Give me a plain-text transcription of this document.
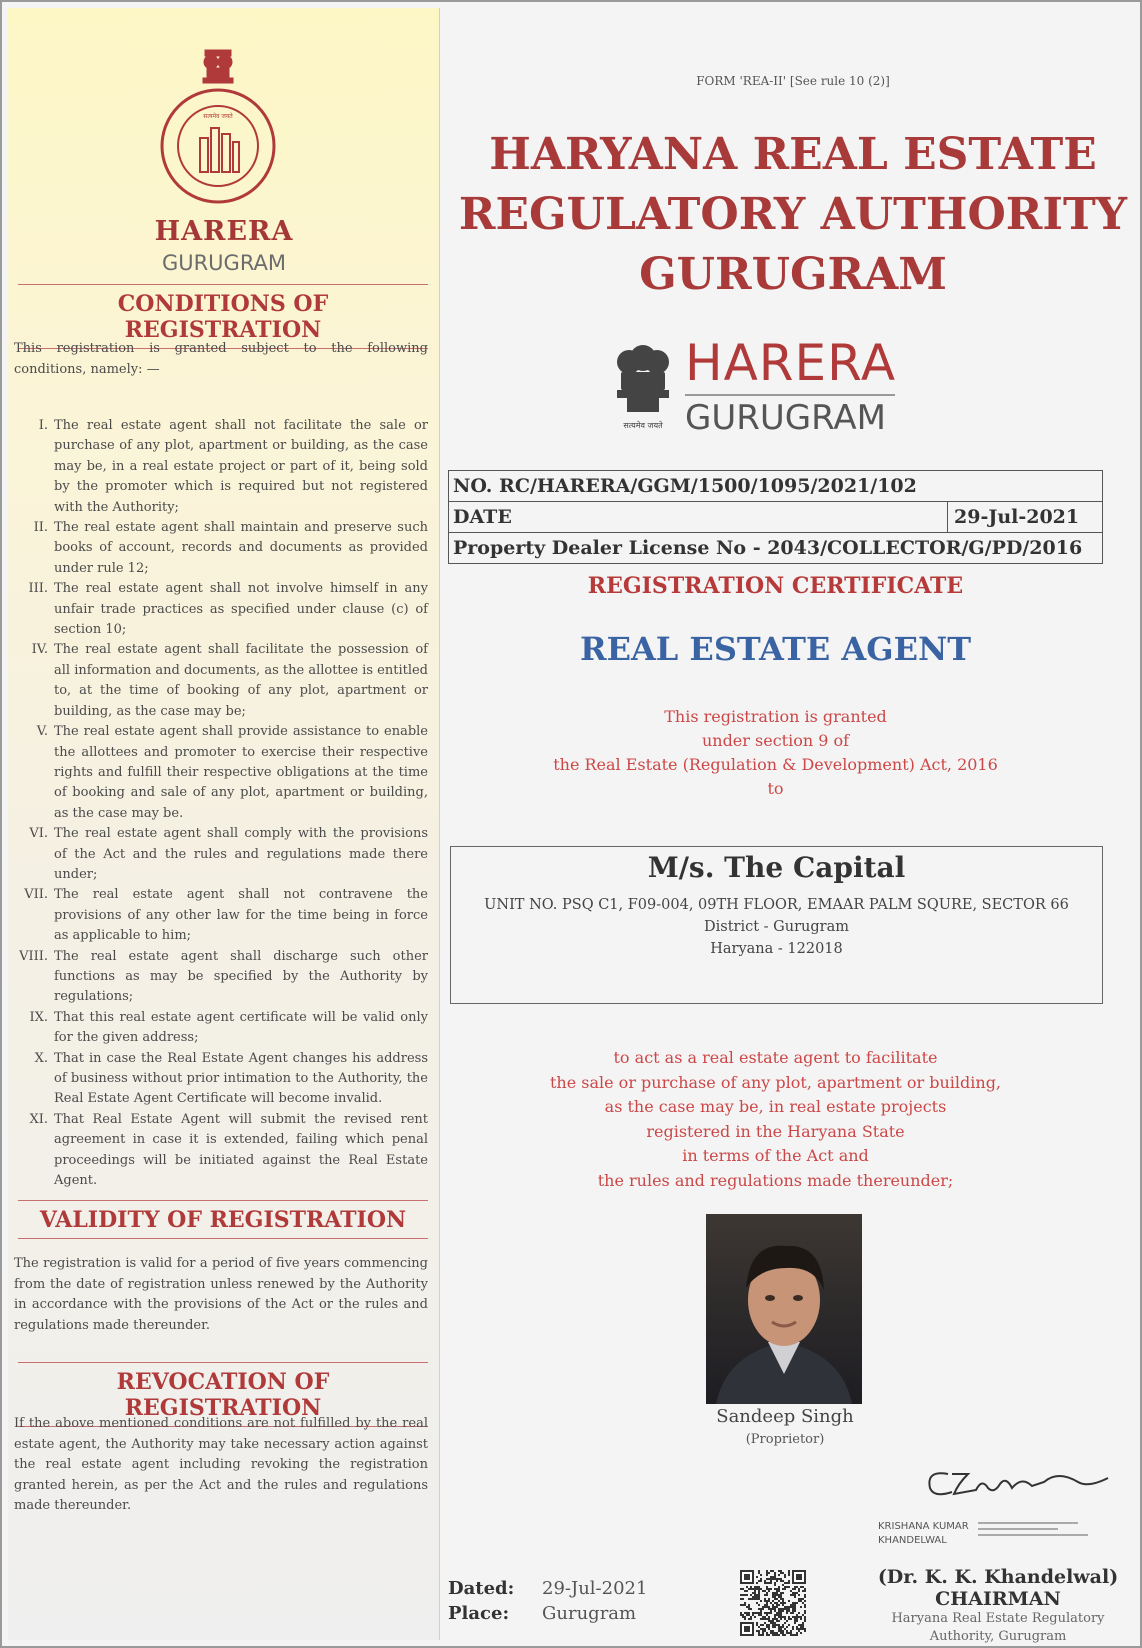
सत्यमेव जयते
HARERA
GURUGRAM
CONDITIONS OF REGISTRATION
This registration is granted subject to the following conditions, namely: —
I. The real estate agent shall not facilitate the sale or purchase of any plot, apartment or building, as the case may be, in a real estate project or part of it, being sold by the promoter which is required but not registered with the Authority;
II. The real estate agent shall maintain and preserve such books of account, records and documents as provided under rule 12;
III. The real estate agent shall not involve himself in any unfair trade practices as specified under clause (c) of section 10;
IV. The real estate agent shall facilitate the possession of all information and documents, as the allottee is entitled to, at the time of booking of any plot, apartment or building, as the case may be;
V. The real estate agent shall provide assistance to enable the allottees and promoter to exercise their respective rights and fulfill their respective obligations at the time of booking and sale of any plot, apartment or building, as the case may be.
VI. The real estate agent shall comply with the provisions of the Act and the rules and regulations made there under;
VII. The real estate agent shall not contravene the provisions of any other law for the time being in force as applicable to him;
VIII. The real estate agent shall discharge such other functions as may be specified by the Authority by regulations;
IX. That this real estate agent certificate will be valid only for the given address;
X. That in case the Real Estate Agent changes his address of business without prior intimation to the Authority, the Real Estate Agent Certificate will become invalid.
XI. That Real Estate Agent will submit the revised rent agreement in case it is extended, failing which penal proceedings will be initiated against the Real Estate Agent.
VALIDITY OF REGISTRATION
The registration is valid for a period of five years commencing from the date of registration unless renewed by the Authority in accordance with the provisions of the Act or the rules and regulations made thereunder.
REVOCATION OF REGISTRATION
If the above mentioned conditions are not fulfilled by the real estate agent, the Authority may take necessary action against the real estate agent including revoking the registration granted herein, as per the Act and the rules and regulations made thereunder.
FORM 'REA-II' [See rule 10 (2)]
HARYANA REAL ESTATE
REGULATORY AUTHORITY
GURUGRAM
सत्यमेव जयते
HARERA
GURUGRAM
NO. RC/HARERA/GGM/1500/1095/2021/102
DATE	29-Jul-2021
Property Dealer License No - 2043/COLLECTOR/G/PD/2016
REGISTRATION CERTIFICATE
REAL ESTATE AGENT
This registration is granted
under section 9 of
the Real Estate (Regulation & Development) Act, 2016
to
M/s. The Capital
UNIT NO. PSQ C1, F09-004, 09TH FLOOR, EMAAR PALM SQURE, SECTOR 66
District - Gurugram
Haryana - 122018
to act as a real estate agent to facilitate
the sale or purchase of any plot, apartment or building,
as the case may be, in real estate projects
registered in the Haryana State
in terms of the Act and
the rules and regulations made thereunder;
Sandeep Singh
(Proprietor)
KRISHANA KUMAR
KHANDELWAL
(Dr. K. K. Khandelwal)
CHAIRMAN
Haryana Real Estate Regulatory
Authority, Gurugram
Dated: 29-Jul-2021
Place: Gurugram
